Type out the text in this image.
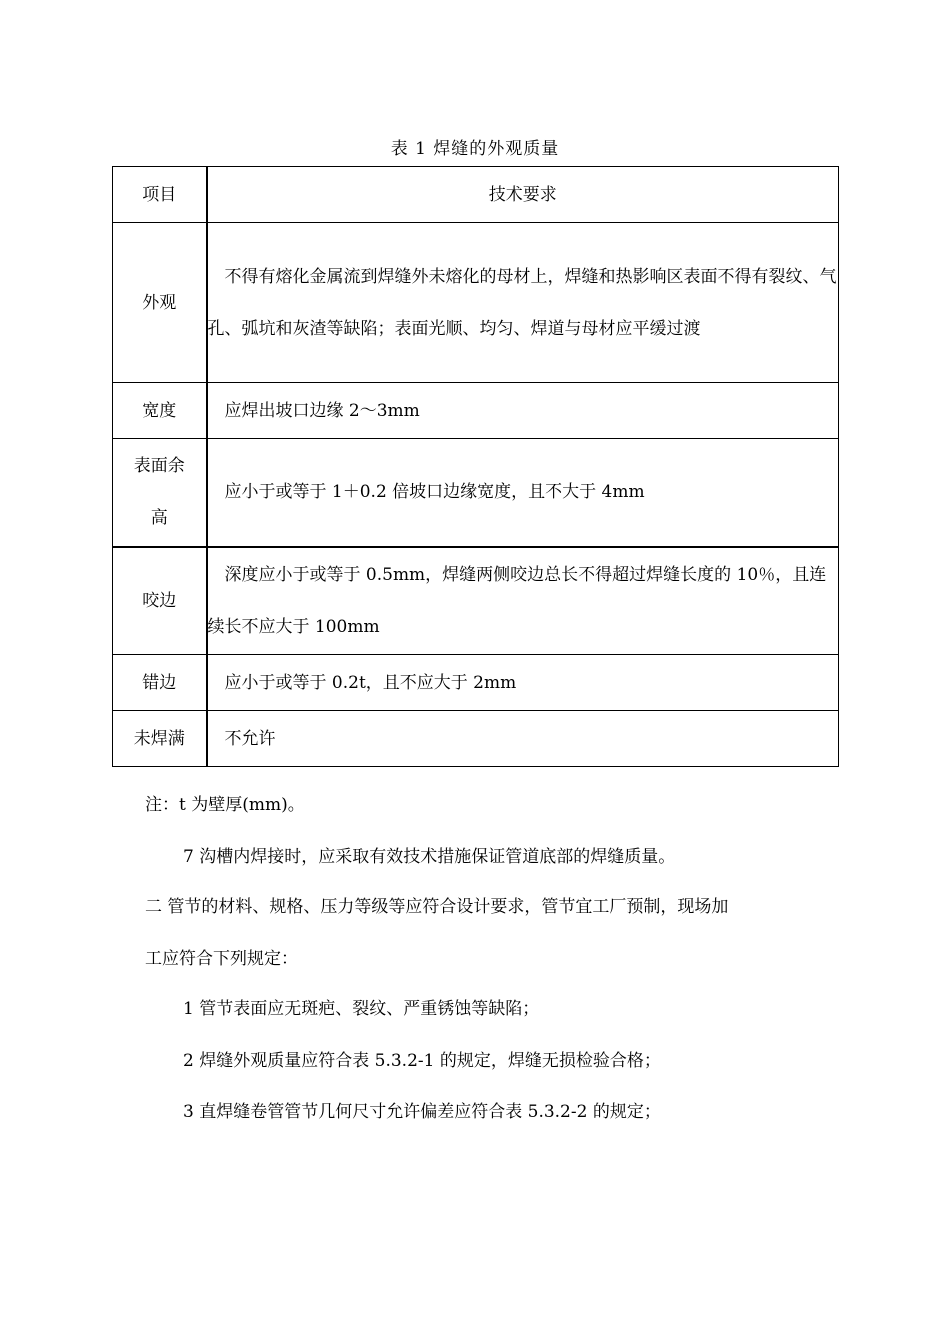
表 1 焊缝的外观质量
项目	技术要求
外观	不得有熔化金属流到焊缝外未熔化的母材上，焊缝和热影响区表面不得有裂纹、气孔、弧坑和灰渣等缺陷；表面光顺、均匀、焊道与母材应平缓过渡

宽度	应焊出坡口边缘 2～3mm

表面余高	应小于或等于 1＋0.2 倍坡口边缘宽度，且不大于 4mm

咬边	深度应小于或等于 0.5mm，焊缝两侧咬边总长不得超过焊缝长度的 10％，且连续长不应大于 100mm

错边	应小于或等于 0.2t，且不应大于 2mm

未焊满	不允许
注：t 为壁厚(mm)。
7 沟槽内焊接时，应采取有效技术措施保证管道底部的焊缝质量。
二 管节的材料、规格、压力等级等应符合设计要求，管节宜工厂预制，现场加
工应符合下列规定：
1 管节表面应无斑疤、裂纹、严重锈蚀等缺陷；
2 焊缝外观质量应符合表 5.3.2-1 的规定，焊缝无损检验合格；
3 直焊缝卷管管节几何尺寸允许偏差应符合表 5.3.2-2 的规定；
